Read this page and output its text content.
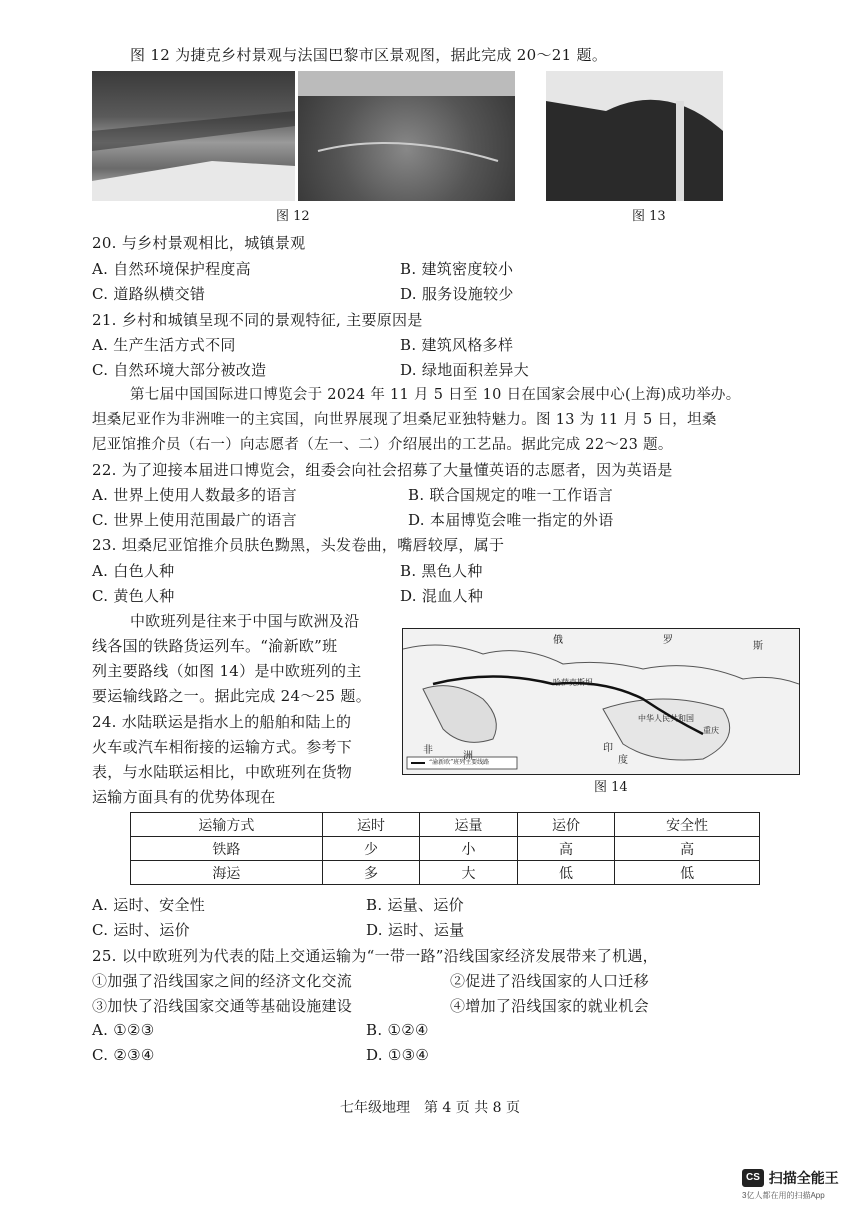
图 12 为捷克乡村景观与法国巴黎市区景观图，据此完成 20～21 题。
图 12	图 13
20. 与乡村景观相比，城镇景观
A. 自然环境保护程度高	B. 建筑密度较小
C. 道路纵横交错	D. 服务设施较少
21. 乡村和城镇呈现不同的景观特征, 主要原因是
A. 生产生活方式不同	B. 建筑风格多样
C. 自然环境大部分被改造	D. 绿地面积差异大
第七届中国国际进口博览会于 2024 年 11 月 5 日至 10 日在国家会展中心(上海)成功举办。
坦桑尼亚作为非洲唯一的主宾国，向世界展现了坦桑尼亚独特魅力。图 13 为 11 月 5 日，坦桑
尼亚馆推介员（右一）向志愿者（左一、二）介绍展出的工艺品。据此完成 22～23 题。
22. 为了迎接本届进口博览会，组委会向社会招募了大量懂英语的志愿者，因为英语是
A. 世界上使用人数最多的语言	B. 联合国规定的唯一工作语言
C. 世界上使用范围最广的语言	D. 本届博览会唯一指定的外语
23. 坦桑尼亚馆推介员肤色黝黑，头发卷曲，嘴唇较厚，属于
A. 白色人种	B. 黑色人种
C. 黄色人种	D. 混血人种
中欧班列是往来于中国与欧洲及沿
线各国的铁路货运列车。“渝新欧”班
列主要路线（如图 14）是中欧班列的主
要运输线路之一。据此完成 24～25 题。
24. 水陆联运是指水上的船舶和陆上的
火车或汽车相衔接的运输方式。参考下
表，与水陆联运相比，中欧班列在货物
运输方面具有的优势体现在
“渝新欧”班列主要线路
俄	罗
斯
哈萨克斯坦
中华人民共和国
重庆
印
度
非
洲
图 14
运输方式	运时	运量	运价	安全性
铁路	少	小	高	高
海运	多	大	低	低
A. 运时、安全性	B. 运量、运价
C. 运时、运价	D. 运时、运量
25. 以中欧班列为代表的陆上交通运输为“一带一路”沿线国家经济发展带来了机遇，
①加强了沿线国家之间的经济文化交流	②促进了沿线国家的人口迁移
③加快了沿线国家交通等基础设施建设	④增加了沿线国家的就业机会
A. ①②③	B. ①②④
C. ②③④	D. ①③④
七年级地理　第 4 页 共 8 页
CS 扫描全能王
3亿人都在用的扫描App
